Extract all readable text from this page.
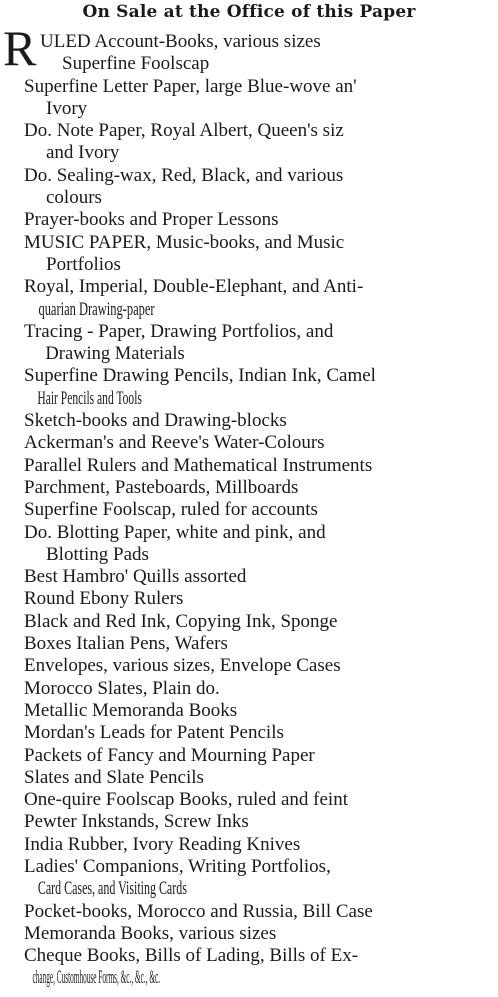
On Sale at the Office of this Paper
R ULED Account-Books, various sizes
Superfine Foolscap
Superfine Letter Paper, large Blue-wove an'
Ivory
Do. Note Paper, Royal Albert, Queen's siz
and Ivory
Do. Sealing-wax, Red, Black, and various
colours
Prayer-books and Proper Lessons
MUSIC PAPER, Music-books, and Music
Portfolios
Royal, Imperial, Double-Elephant, and Anti-
quarian Drawing-paper
Tracing - Paper, Drawing Portfolios, and
Drawing Materials
Superfine Drawing Pencils, Indian Ink, Camel
Hair Pencils and Tools
Sketch-books and Drawing-blocks
Ackerman's and Reeve's Water-Colours
Parallel Rulers and Mathematical Instruments
Parchment, Pasteboards, Millboards
Superfine Foolscap, ruled for accounts
Do. Blotting Paper, white and pink, and
Blotting Pads
Best Hambro' Quills assorted
Round Ebony Rulers
Black and Red Ink, Copying Ink, Sponge
Boxes Italian Pens, Wafers
Envelopes, various sizes, Envelope Cases
Morocco Slates, Plain do.
Metallic Memoranda Books
Mordan's Leads for Patent Pencils
Packets of Fancy and Mourning Paper
Slates and Slate Pencils
One-quire Foolscap Books, ruled and feint
Pewter Inkstands, Screw Inks
India Rubber, Ivory Reading Knives
Ladies' Companions, Writing Portfolios,
Card Cases, and Visiting Cards
Pocket-books, Morocco and Russia, Bill Case
Memoranda Books, various sizes
Cheque Books, Bills of Lading, Bills of Ex-
change, Customhouse Forms, &c., &c., &c.
